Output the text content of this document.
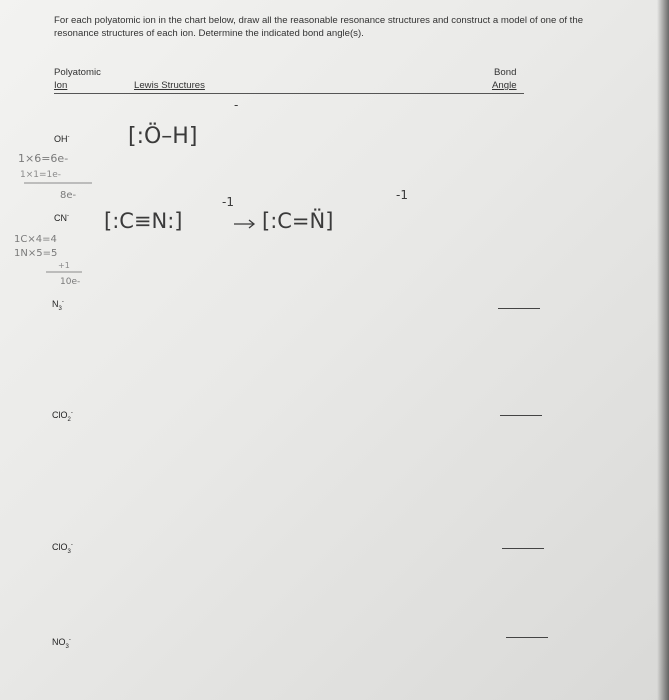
For each polyatomic ion in the chart below, draw all the reasonable resonance structures and construct a model of one of the resonance structures of each ion. Determine the indicated bond angle(s).
Polyatomic
Ion	Lewis Structures
Bond
Angle
OH-
CN-
$N_3^-$
ClO$_2$-
ClO$_3$-
$NO_3^-$
[:Ö–H]
-
1×6=6e-
1×1=1e-
8e-
[:C≡N:]
-1
[:C=N̈]
-1
1C×4=4
1N×5=5
+1
10e-
